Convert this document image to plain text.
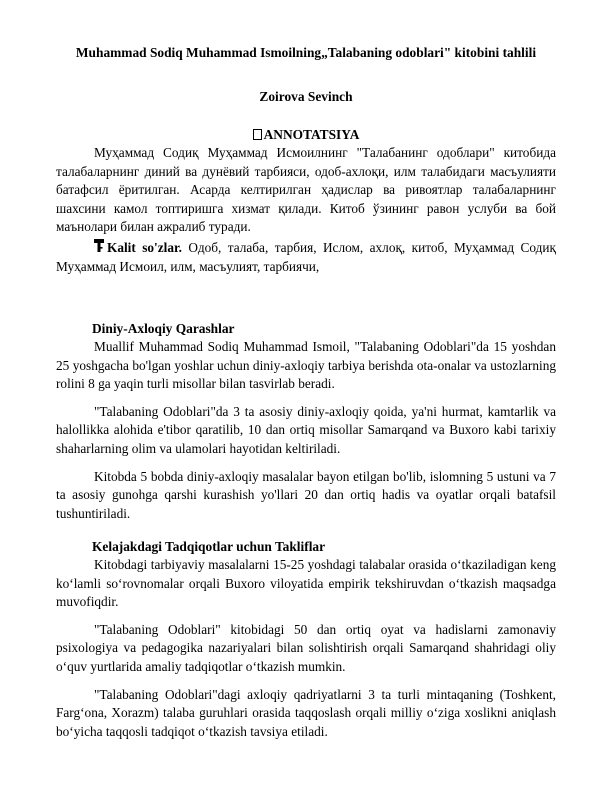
Muhammad Sodiq Muhammad Ismoilning„Talabaning odoblari" kitobini tahlili
Zoirova Sevinch
ANNOTATSIYA

Муҳаммад Содиқ Муҳаммад Исмоилнинг "Талабанинг одоблари" китобида талабаларнинг диний ва дунёвий тарбияси, одоб-ахлоқи, илм талабидаги масъулияти батафсил ёритилган. Асарда келтирилган ҳадислар ва ривоятлар талабаларнинг шахсини камол топтиришга хизмат қилади. Китоб ўзининг равон услуби ва бой маънолари билан ажралиб туради.

Kalit so'zlar. Одоб, талаба, тарбия, Ислом, ахлоқ, китоб, Муҳаммад Содиқ Муҳаммад Исмоил, илм, масъулият, тарбиячи,

Diniy-Axloqiy Qarashlar

Muallif Muhammad Sodiq Muhammad Ismoil, "Talabaning Odoblari"da 15 yoshdan 25 yoshgacha bo'lgan yoshlar uchun diniy-axloqiy tarbiya berishda ota-onalar va ustozlarning rolini 8 ga yaqin turli misollar bilan tasvirlab beradi.

"Talabaning Odoblari"da 3 ta asosiy diniy-axloqiy qoida, ya'ni hurmat, kamtarlik va halollikka alohida e'tibor qaratilib, 10 dan ortiq misollar Samarqand va Buxoro kabi tarixiy shaharlarning olim va ulamolari hayotidan keltiriladi.

Kitobda 5 bobda diniy-axloqiy masalalar bayon etilgan bo'lib, islomning 5 ustuni va 7 ta asosiy gunohga qarshi kurashish yo'llari 20 dan ortiq hadis va oyatlar orqali batafsil tushuntiriladi.

Kelajakdagi Tadqiqotlar uchun Takliflar

Kitobdagi tarbiyaviy masalalarni 15-25 yoshdagi talabalar orasida o‘tkaziladigan keng ko‘lamli so‘rovnomalar orqali Buxoro viloyatida empirik tekshiruvdan o‘tkazish maqsadga muvofiqdir.

"Talabaning Odoblari" kitobidagi 50 dan ortiq oyat va hadislarni zamonaviy psixologiya va pedagogika nazariyalari bilan solishtirish orqali Samarqand shahridagi oliy o‘quv yurtlarida amaliy tadqiqotlar o‘tkazish mumkin.

"Talabaning Odoblari"dagi axloqiy qadriyatlarni 3 ta turli mintaqaning (Toshkent, Farg‘ona, Xorazm) talaba guruhlari orasida taqqoslash orqali milliy o‘ziga xoslikni aniqlash bo‘yicha taqqosli tadqiqot o‘tkazish tavsiya etiladi.
